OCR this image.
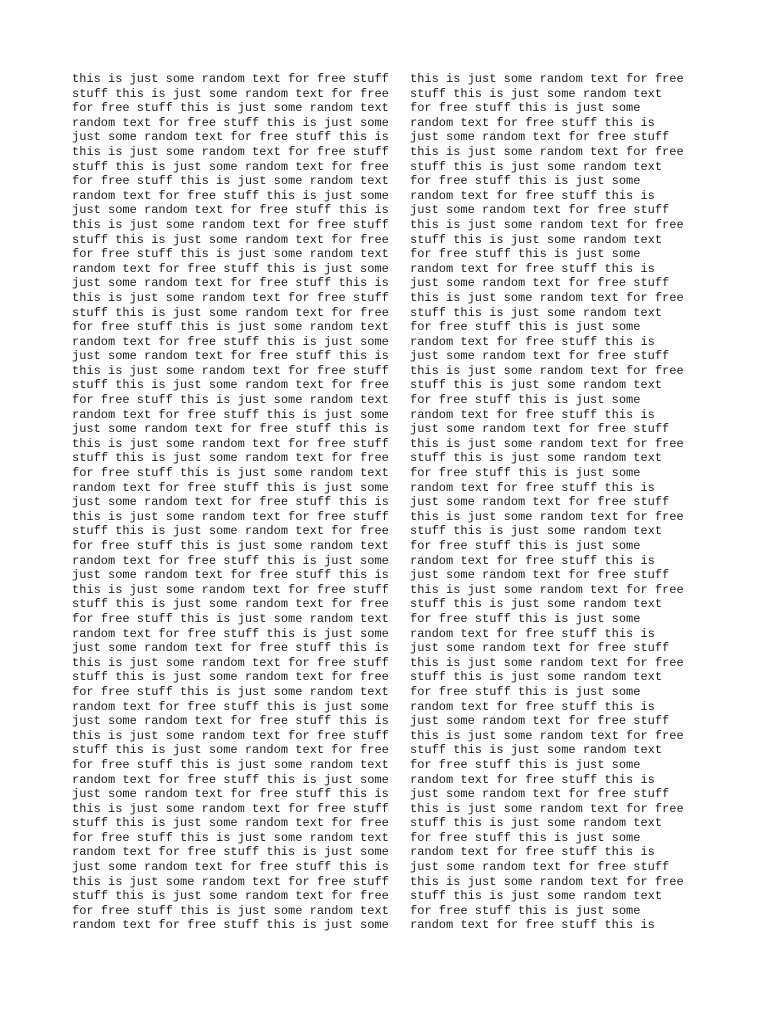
this is just some random text for free stuff
stuff this is just some random text for free
for free stuff this is just some random text
random text for free stuff this is just some
just some random text for free stuff this is
this is just some random text for free stuff
stuff this is just some random text for free
for free stuff this is just some random text
random text for free stuff this is just some
just some random text for free stuff this is
this is just some random text for free stuff
stuff this is just some random text for free
for free stuff this is just some random text
random text for free stuff this is just some
just some random text for free stuff this is
this is just some random text for free stuff
stuff this is just some random text for free
for free stuff this is just some random text
random text for free stuff this is just some
just some random text for free stuff this is
this is just some random text for free stuff
stuff this is just some random text for free
for free stuff this is just some random text
random text for free stuff this is just some
just some random text for free stuff this is
this is just some random text for free stuff
stuff this is just some random text for free
for free stuff this is just some random text
random text for free stuff this is just some
just some random text for free stuff this is
this is just some random text for free stuff
stuff this is just some random text for free
for free stuff this is just some random text
random text for free stuff this is just some
just some random text for free stuff this is
this is just some random text for free stuff
stuff this is just some random text for free
for free stuff this is just some random text
random text for free stuff this is just some
just some random text for free stuff this is
this is just some random text for free stuff
stuff this is just some random text for free
for free stuff this is just some random text
random text for free stuff this is just some
just some random text for free stuff this is
this is just some random text for free stuff
stuff this is just some random text for free
for free stuff this is just some random text
random text for free stuff this is just some
just some random text for free stuff this is
this is just some random text for free stuff
stuff this is just some random text for free
for free stuff this is just some random text
random text for free stuff this is just some
just some random text for free stuff this is
this is just some random text for free stuff
stuff this is just some random text for free
for free stuff this is just some random text
random text for free stuff this is just some
this is just some random text for free
stuff this is just some random text
for free stuff this is just some
random text for free stuff this is
just some random text for free stuff
this is just some random text for free
stuff this is just some random text
for free stuff this is just some
random text for free stuff this is
just some random text for free stuff
this is just some random text for free
stuff this is just some random text
for free stuff this is just some
random text for free stuff this is
just some random text for free stuff
this is just some random text for free
stuff this is just some random text
for free stuff this is just some
random text for free stuff this is
just some random text for free stuff
this is just some random text for free
stuff this is just some random text
for free stuff this is just some
random text for free stuff this is
just some random text for free stuff
this is just some random text for free
stuff this is just some random text
for free stuff this is just some
random text for free stuff this is
just some random text for free stuff
this is just some random text for free
stuff this is just some random text
for free stuff this is just some
random text for free stuff this is
just some random text for free stuff
this is just some random text for free
stuff this is just some random text
for free stuff this is just some
random text for free stuff this is
just some random text for free stuff
this is just some random text for free
stuff this is just some random text
for free stuff this is just some
random text for free stuff this is
just some random text for free stuff
this is just some random text for free
stuff this is just some random text
for free stuff this is just some
random text for free stuff this is
just some random text for free stuff
this is just some random text for free
stuff this is just some random text
for free stuff this is just some
random text for free stuff this is
just some random text for free stuff
this is just some random text for free
stuff this is just some random text
for free stuff this is just some
random text for free stuff this is
